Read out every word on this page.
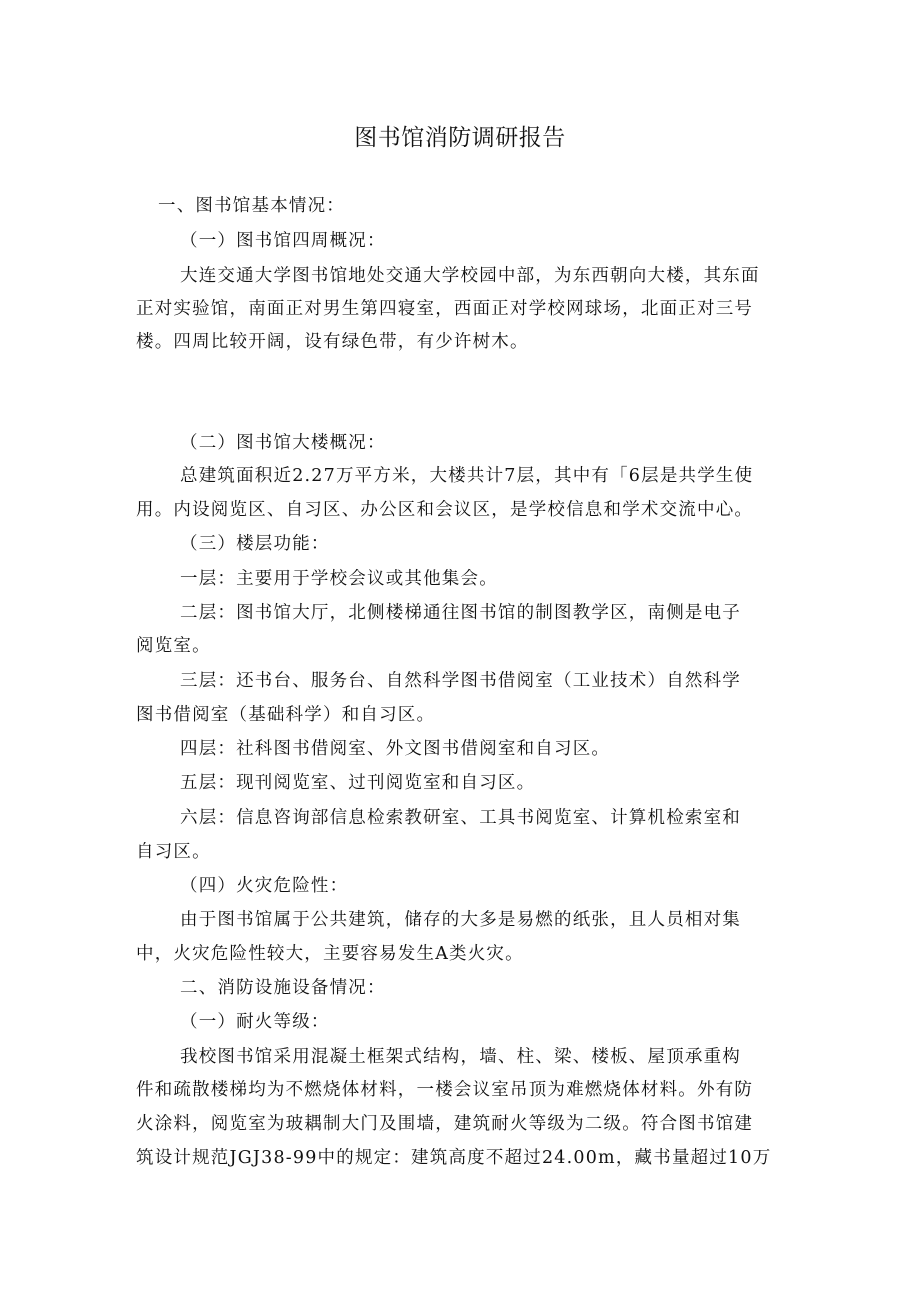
图书馆消防调研报告
一、图书馆基本情况：
（一）图书馆四周概况：
大连交通大学图书馆地处交通大学校园中部，为东西朝向大楼，其东面
正对实验馆，南面正对男生第四寝室，西面正对学校网球场，北面正对三号
楼。四周比较开阔，设有绿色带，有少许树木。
（二）图书馆大楼概况：
总建筑面积近2.27万平方米，大楼共计7层，其中有「6层是共学生使
用。内设阅览区、自习区、办公区和会议区，是学校信息和学术交流中心。
（三）楼层功能：
一层：主要用于学校会议或其他集会。
二层：图书馆大厅，北侧楼梯通往图书馆的制图教学区，南侧是电子
阅览室。
三层：还书台、服务台、自然科学图书借阅室（工业技术）自然科学
图书借阅室（基础科学）和自习区。
四层：社科图书借阅室、外文图书借阅室和自习区。
五层：现刊阅览室、过刊阅览室和自习区。
六层：信息咨询部信息检索教研室、工具书阅览室、计算机检索室和
自习区。
（四）火灾危险性：
由于图书馆属于公共建筑，储存的大多是易燃的纸张，且人员相对集
中，火灾危险性较大，主要容易发生A类火灾。
二、消防设施设备情况：
（一）耐火等级：
我校图书馆采用混凝土框架式结构，墙、柱、梁、楼板、屋顶承重构
件和疏散楼梯均为不燃烧体材料，一楼会议室吊顶为难燃烧体材料。外有防
火涂料，阅览室为玻耦制大门及围墙，建筑耐火等级为二级。符合图书馆建
筑设计规范JGJ38-99中的规定：建筑高度不超过24.00m，藏书量超过10万
